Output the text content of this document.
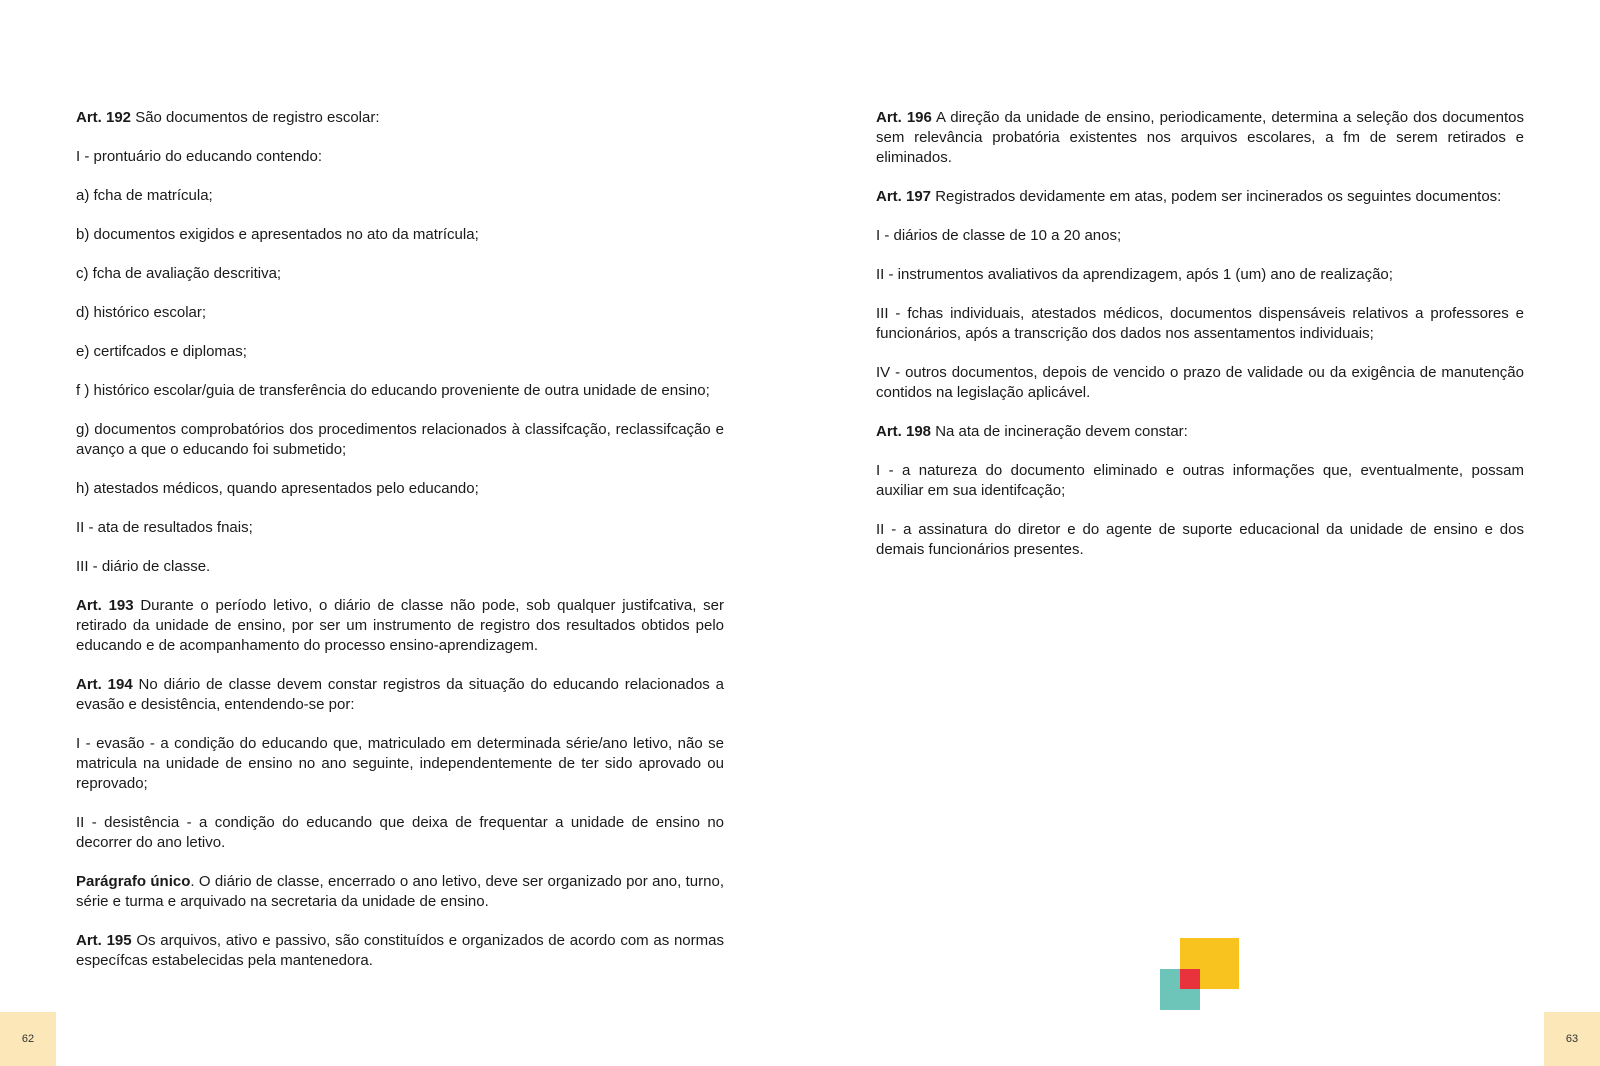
Art. 192 São documentos de registro escolar:

I - prontuário do educando contendo:

a) fcha de matrícula;

b) documentos exigidos e apresentados no ato da matrícula;

c) fcha de avaliação descritiva;

d) histórico escolar;

e) certifcados e diplomas;

f ) histórico escolar/guia de transferência do educando proveniente de outra unidade de ensino;

g) documentos comprobatórios dos procedimentos relacionados à classifcação, reclassifcação e avanço a que o educando foi submetido;

h) atestados médicos, quando apresentados pelo educando;

II - ata de resultados fnais;

III - diário de classe.

Art. 193 Durante o período letivo, o diário de classe não pode, sob qualquer justifcativa, ser retirado da unidade de ensino, por ser um instrumento de registro dos resultados obtidos pelo educando e de acompanhamento do processo ensino-aprendizagem.

Art. 194 No diário de classe devem constar registros da situação do educando relacionados a evasão e desistência, entendendo-se por:

I - evasão - a condição do educando que, matriculado em determinada série/ano letivo, não se matricula na unidade de ensino no ano seguinte, independentemente de ter sido aprovado ou reprovado;

II - desistência - a condição do educando que deixa de frequentar a unidade de ensino no decorrer do ano letivo.

Parágrafo único. O diário de classe, encerrado o ano letivo, deve ser organizado por ano, turno, série e turma e arquivado na secretaria da unidade de ensino.

Art. 195 Os arquivos, ativo e passivo, são constituídos e organizados de acordo com as normas específcas estabelecidas pela mantenedora.

Art. 196 A direção da unidade de ensino, periodicamente, determina a seleção dos documentos sem relevância probatória existentes nos arquivos escolares, a fm de serem retirados e eliminados.

Art. 197 Registrados devidamente em atas, podem ser incinerados os seguintes documentos:

I - diários de classe de 10 a 20 anos;

II - instrumentos avaliativos da aprendizagem, após 1 (um) ano de realização;

III - fchas individuais, atestados médicos, documentos dispensáveis relativos a professores e funcionários, após a transcrição dos dados nos assentamentos individuais;

IV - outros documentos, depois de vencido o prazo de validade ou da exigência de manutenção contidos na legislação aplicável.

Art. 198 Na ata de incineração devem constar:

I - a natureza do documento eliminado e outras informações que, eventualmente, possam auxiliar em sua identifcação;

II - a assinatura do diretor e do agente de suporte educacional da unidade de ensino e dos demais funcionários presentes.

62	63
